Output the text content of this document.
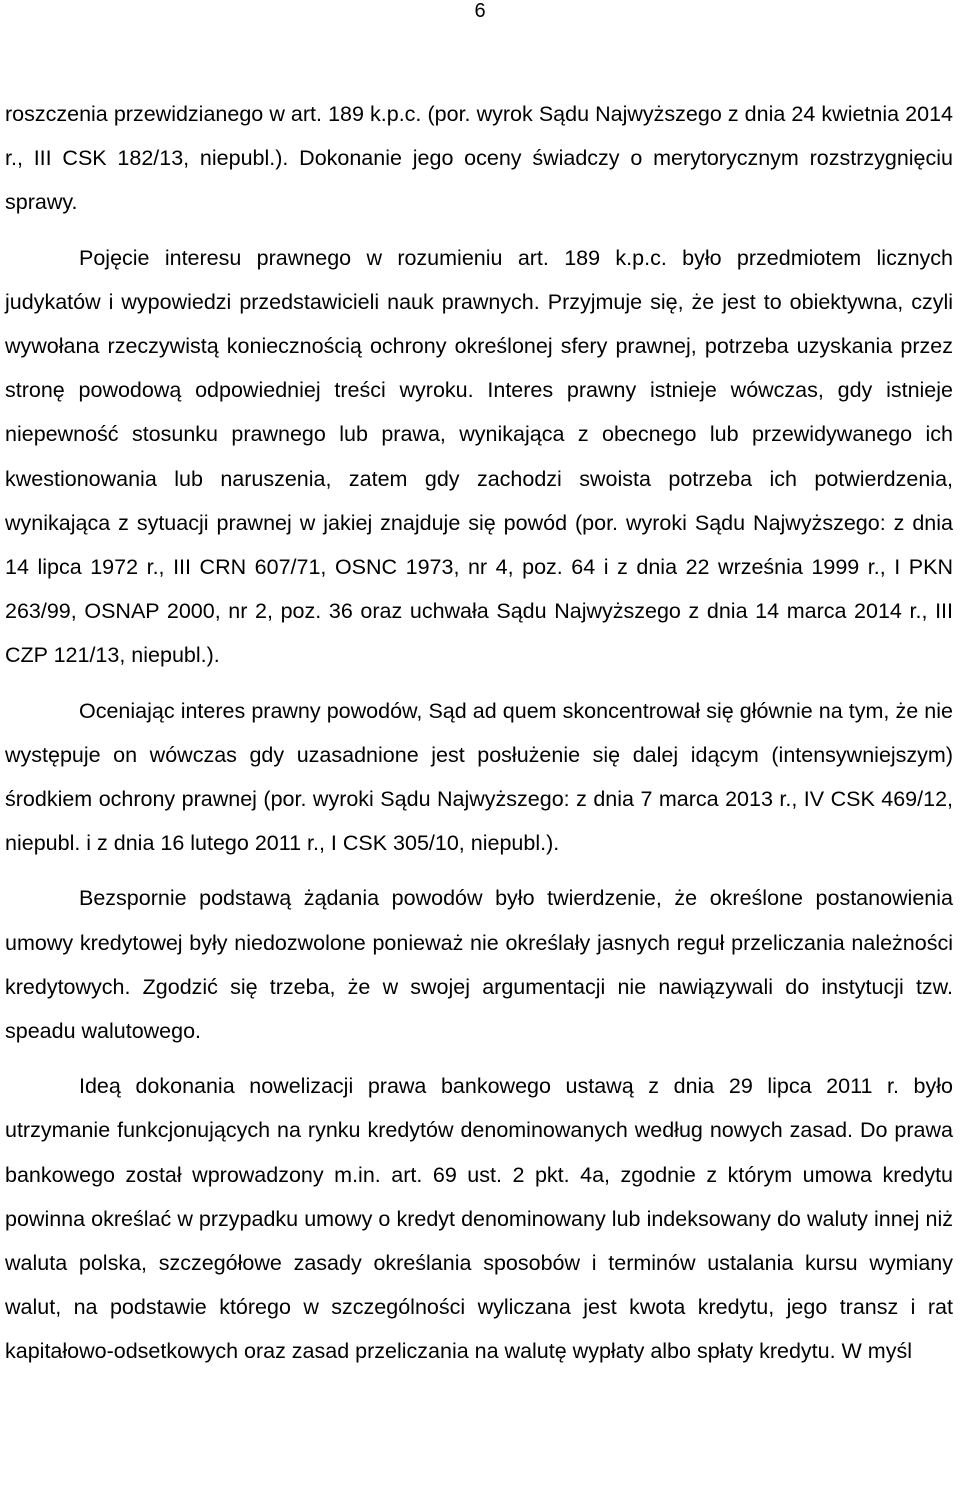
6

roszczenia przewidzianego w art. 189 k.p.c. (por. wyrok Sądu Najwyższego z dnia 24 kwietnia 2014 r., III CSK 182/13, niepubl.). Dokonanie jego oceny świadczy o merytorycznym rozstrzygnięciu sprawy.

Pojęcie interesu prawnego w rozumieniu art. 189 k.p.c. było przedmiotem licznych judykatów i wypowiedzi przedstawicieli nauk prawnych. Przyjmuje się, że jest to obiektywna, czyli wywołana rzeczywistą koniecznością ochrony określonej sfery prawnej, potrzeba uzyskania przez stronę powodową odpowiedniej treści wyroku. Interes prawny istnieje wówczas, gdy istnieje niepewność stosunku prawnego lub prawa, wynikająca z obecnego lub przewidywanego ich kwestionowania lub naruszenia, zatem gdy zachodzi swoista potrzeba ich potwierdzenia, wynikająca z sytuacji prawnej w jakiej znajduje się powód (por. wyroki Sądu Najwyższego: z dnia 14 lipca 1972 r., III CRN 607/71, OSNC 1973, nr 4, poz. 64 i z dnia 22 września 1999 r., I PKN 263/99, OSNAP 2000, nr 2, poz. 36 oraz uchwała Sądu Najwyższego z dnia 14 marca 2014 r., III CZP 121/13, niepubl.).

Oceniając interes prawny powodów, Sąd ad quem skoncentrował się głównie na tym, że nie występuje on wówczas gdy uzasadnione jest posłużenie się dalej idącym (intensywniejszym) środkiem ochrony prawnej (por. wyroki Sądu Najwyższego: z dnia 7 marca 2013 r., IV CSK 469/12, niepubl. i z dnia 16 lutego 2011 r., I CSK 305/10, niepubl.).

Bezspornie podstawą żądania powodów było twierdzenie, że określone postanowienia umowy kredytowej były niedozwolone ponieważ nie określały jasnych reguł przeliczania należności kredytowych. Zgodzić się trzeba, że w swojej argumentacji nie nawiązywali do instytucji tzw. speadu walutowego.

Ideą dokonania nowelizacji prawa bankowego ustawą z dnia 29 lipca 2011 r. było utrzymanie funkcjonujących na rynku kredytów denominowanych według nowych zasad. Do prawa bankowego został wprowadzony m.in. art. 69 ust. 2 pkt. 4a, zgodnie z którym umowa kredytu powinna określać w przypadku umowy o kredyt denominowany lub indeksowany do waluty innej niż waluta polska, szczegółowe zasady określania sposobów i terminów ustalania kursu wymiany walut, na podstawie którego w szczególności wyliczana jest kwota kredytu, jego transz i rat kapitałowo-odsetkowych oraz zasad przeliczania na walutę wypłaty albo spłaty kredytu. W myśl
